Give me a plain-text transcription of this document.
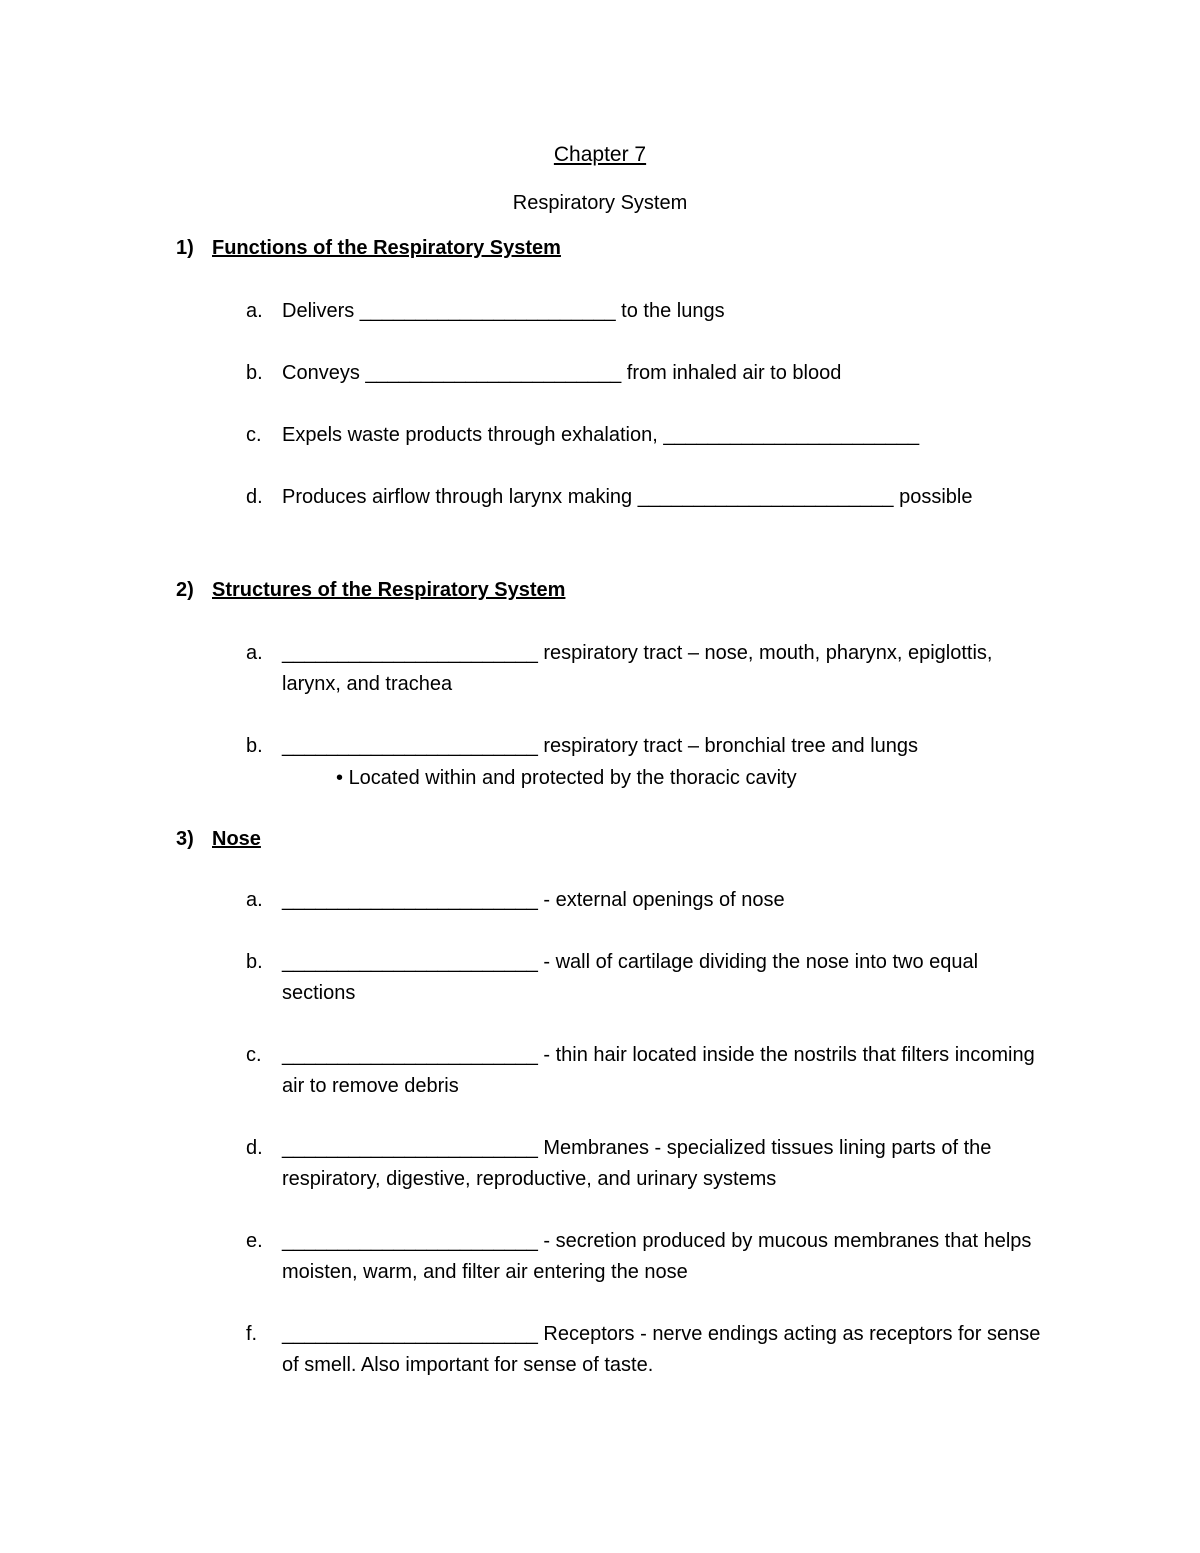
Chapter 7
Respiratory System
1) Functions of the Respiratory System
a. Delivers _______________________ to the lungs
b. Conveys _______________________ from inhaled air to blood
c. Expels waste products through exhalation, _______________________
d. Produces airflow through larynx making _______________________ possible
2) Structures of the Respiratory System
a. _______________________ respiratory tract – nose, mouth, pharynx, epiglottis, larynx, and trachea
b. _______________________ respiratory tract – bronchial tree and lungs
• Located within and protected by the thoracic cavity
3) Nose
a. _______________________ - external openings of nose
b. _______________________ - wall of cartilage dividing the nose into two equal sections
c. _______________________ - thin hair located inside the nostrils that filters incoming air to remove debris
d. _______________________ Membranes - specialized tissues lining parts of the respiratory, digestive, reproductive, and urinary systems
e. _______________________ - secretion produced by mucous membranes that helps moisten, warm, and filter air entering the nose
f. _______________________ Receptors - nerve endings acting as receptors for sense of smell. Also important for sense of taste.
